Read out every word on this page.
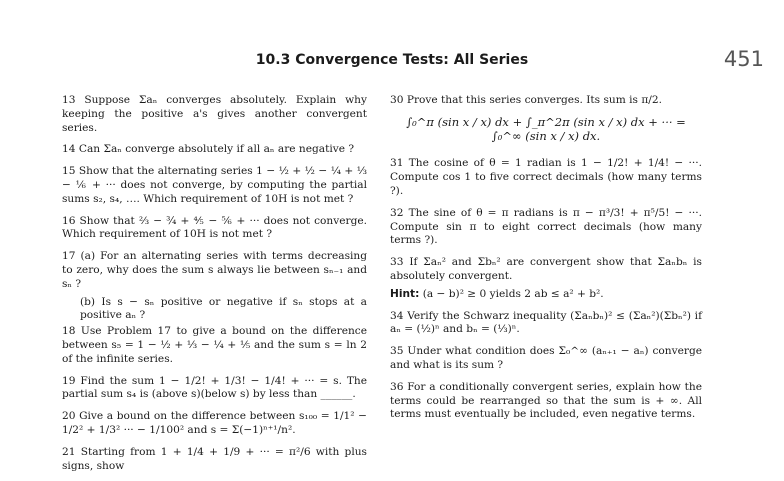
10.3 Convergence Tests: All Series	451

13 Suppose Σaₙ converges absolutely. Explain why keeping the positive a's gives another convergent series.

14 Can Σaₙ converge absolutely if all aₙ are negative ?

15 Show that the alternating series 1 − ½ + ½ − ¼ + ⅓ − ⅙ + ··· does not converge, by computing the partial sums s₂, s₄, …. Which requirement of 10H is not met ?

16 Show that ⅔ − ¾ + ⅘ − ⅚ + ··· does not converge. Which requirement of 10H is not met ?

17 (a) For an alternating series with terms decreasing to zero, why does the sum s always lie between sₙ₋₁ and sₙ ?

(b) Is s − sₙ positive or negative if sₙ stops at a positive aₙ ?

18 Use Problem 17 to give a bound on the difference between s₅ = 1 − ½ + ⅓ − ¼ + ⅕ and the sum s = ln 2 of the infinite series.

19 Find the sum 1 − 1/2! + 1/3! − 1/4! + ··· = s. The partial sum s₄ is (above s)(below s) by less than ______.

20 Give a bound on the difference between s₁₀₀ = 1/1² − 1/2² + 1/3² ··· − 1/100² and s = Σ(−1)ⁿ⁺¹/n².

21 Starting from 1 + 1/4 + 1/9 + ··· = π²/6 with plus signs, show

30 Prove that this series converges. Its sum is π/2.

∫₀^π (sin x / x) dx + ∫_π^2π (sin x / x) dx + ··· = ∫₀^∞ (sin x / x) dx.

31 The cosine of θ = 1 radian is 1 − 1/2! + 1/4! − ···. Compute cos 1 to five correct decimals (how many terms ?).

32 The sine of θ = π radians is π − π³/3! + π⁵/5! − ···. Compute sin π to eight correct decimals (how many terms ?).

33 If Σaₙ² and Σbₙ² are convergent show that Σaₙbₙ is absolutely convergent.

Hint: (a − b)² ≥ 0 yields 2 ab ≤ a² + b².

34 Verify the Schwarz inequality (Σaₙbₙ)² ≤ (Σaₙ²)(Σbₙ²) if aₙ = (½)ⁿ and bₙ = (⅓)ⁿ.

35 Under what condition does Σ₀^∞ (aₙ₊₁ − aₙ) converge and what is its sum ?

36 For a conditionally convergent series, explain how the terms could be rearranged so that the sum is + ∞. All terms must eventually be included, even negative terms.
